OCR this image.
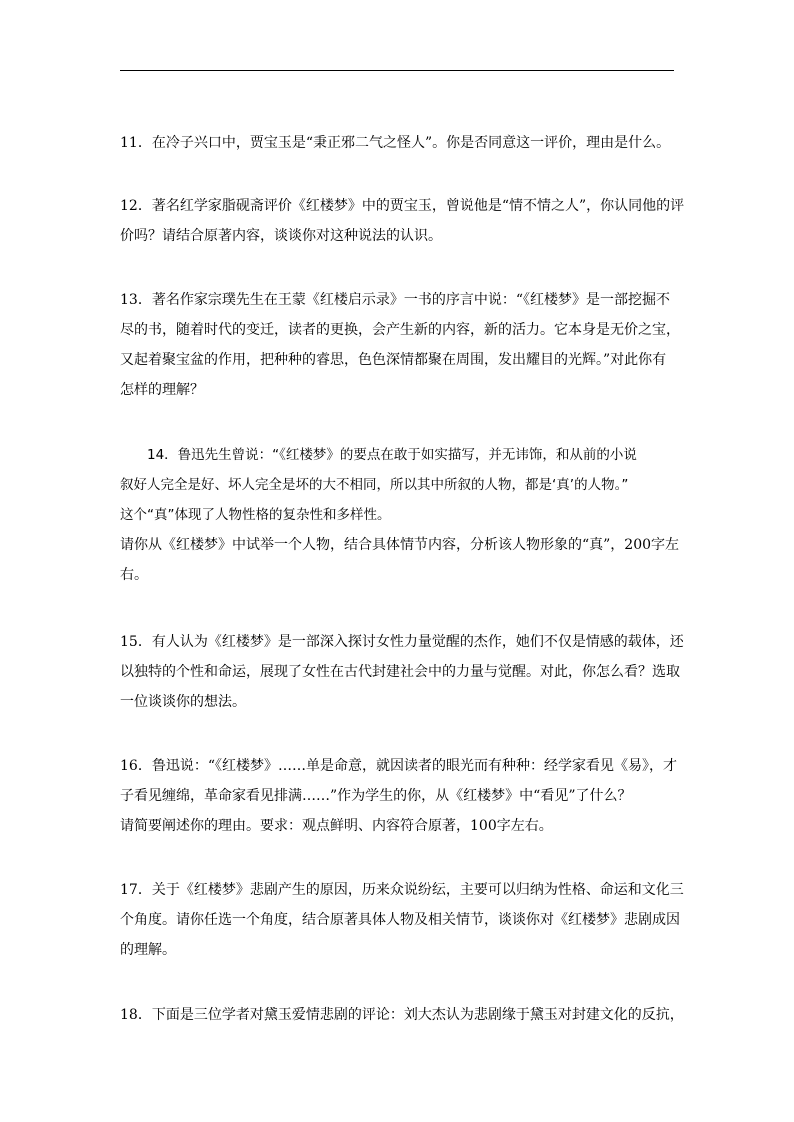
11．在冷子兴口中，贾宝玉是“秉正邪二气之怪人”。你是否同意这一评价，理由是什么。

12．著名红学家脂砚斋评价《红楼梦》中的贾宝玉，曾说他是“情不情之人”，你认同他的评

价吗？请结合原著内容，谈谈你对这种说法的认识。

13．著名作家宗璞先生在王蒙《红楼启示录》一书的序言中说：“《红楼梦》是一部挖掘不

尽的书，随着时代的变迁，读者的更换，会产生新的内容，新的活力。它本身是无价之宝，

又起着聚宝盆的作用，把种种的睿思，色色深情都聚在周围，发出耀目的光辉。”对此你有

怎样的理解？

　　14．鲁迅先生曾说：“《红楼梦》的要点在敢于如实描写，并无讳饰，和从前的小说

叙好人完全是好、坏人完全是坏的大不相同，所以其中所叙的人物，都是‘真’的人物。”

这个“真”体现了人物性格的复杂性和多样性。

请你从《红楼梦》中试举一个人物，结合具体情节内容，分析该人物形象的“真”，200字左

右。

15．有人认为《红楼梦》是一部深入探讨女性力量觉醒的杰作，她们不仅是情感的载体，还

以独特的个性和命运，展现了女性在古代封建社会中的力量与觉醒。对此，你怎么看？选取

一位谈谈你的想法。

16．鲁迅说：“《红楼梦》……单是命意，就因读者的眼光而有种种：经学家看见《易》，才

子看见缠绵，革命家看见排满……”作为学生的你，从《红楼梦》中“看见”了什么？

请简要阐述你的理由。要求：观点鲜明、内容符合原著，100字左右。

17．关于《红楼梦》悲剧产生的原因，历来众说纷纭，主要可以归纳为性格、命运和文化三

个角度。请你任选一个角度，结合原著具体人物及相关情节，谈谈你对《红楼梦》悲剧成因

的理解。

18．下面是三位学者对黛玉爱情悲剧的评论：刘大杰认为悲剧缘于黛玉对封建文化的反抗，
